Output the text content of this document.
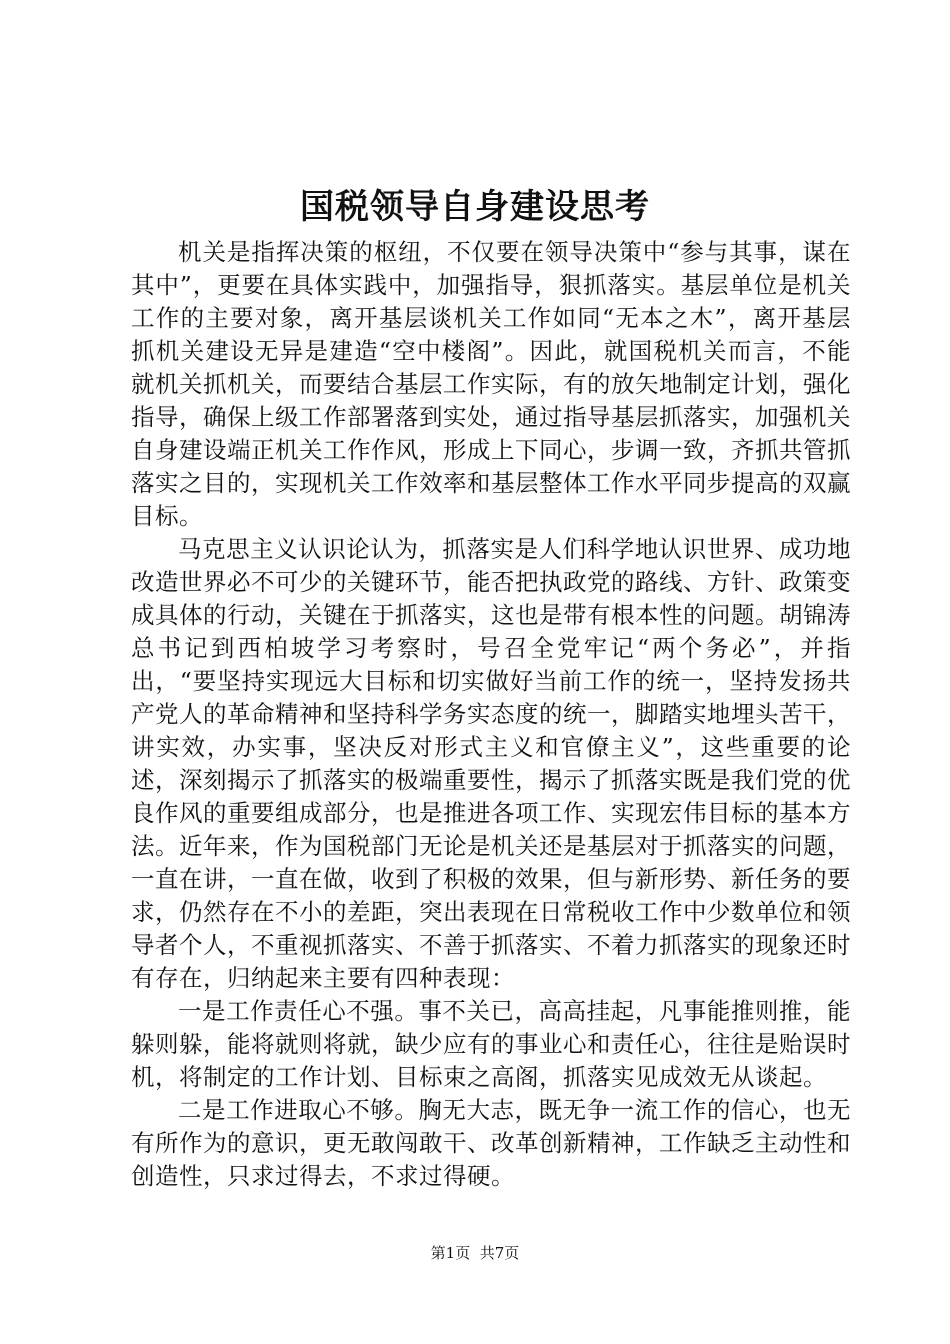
国税领导自身建设思考

机关是指挥决策的枢纽，不仅要在领导决策中“参与其事，谋在其中”，更要在具体实践中，加强指导，狠抓落实。基层单位是机关工作的主要对象，离开基层谈机关工作如同“无本之木”，离开基层抓机关建设无异是建造“空中楼阁”。因此，就国税机关而言，不能就机关抓机关，而要结合基层工作实际，有的放矢地制定计划，强化指导，确保上级工作部署落到实处，通过指导基层抓落实，加强机关自身建设端正机关工作作风，形成上下同心，步调一致，齐抓共管抓落实之目的，实现机关工作效率和基层整体工作水平同步提高的双赢目标。

马克思主义认识论认为，抓落实是人们科学地认识世界、成功地改造世界必不可少的关键环节，能否把执政党的路线、方针、政策变成具体的行动，关键在于抓落实，这也是带有根本性的问题。胡锦涛总书记到西柏坡学习考察时，号召全党牢记“两个务必”，并指出，“要坚持实现远大目标和切实做好当前工作的统一，坚持发扬共产党人的革命精神和坚持科学务实态度的统一，脚踏实地埋头苦干，讲实效，办实事，坚决反对形式主义和官僚主义”，这些重要的论述，深刻揭示了抓落实的极端重要性，揭示了抓落实既是我们党的优良作风的重要组成部分，也是推进各项工作、实现宏伟目标的基本方法。近年来，作为国税部门无论是机关还是基层对于抓落实的问题，一直在讲，一直在做，收到了积极的效果，但与新形势、新任务的要求，仍然存在不小的差距，突出表现在日常税收工作中少数单位和领导者个人，不重视抓落实、不善于抓落实、不着力抓落实的现象还时有存在，归纳起来主要有四种表现：

一是工作责任心不强。事不关已，高高挂起，凡事能推则推，能躲则躲，能将就则将就，缺少应有的事业心和责任心，往往是贻误时机，将制定的工作计划、目标束之高阁，抓落实见成效无从谈起。

二是工作进取心不够。胸无大志，既无争一流工作的信心，也无有所作为的意识，更无敢闯敢干、改革创新精神，工作缺乏主动性和创造性，只求过得去，不求过得硬。

第1页 共7页
